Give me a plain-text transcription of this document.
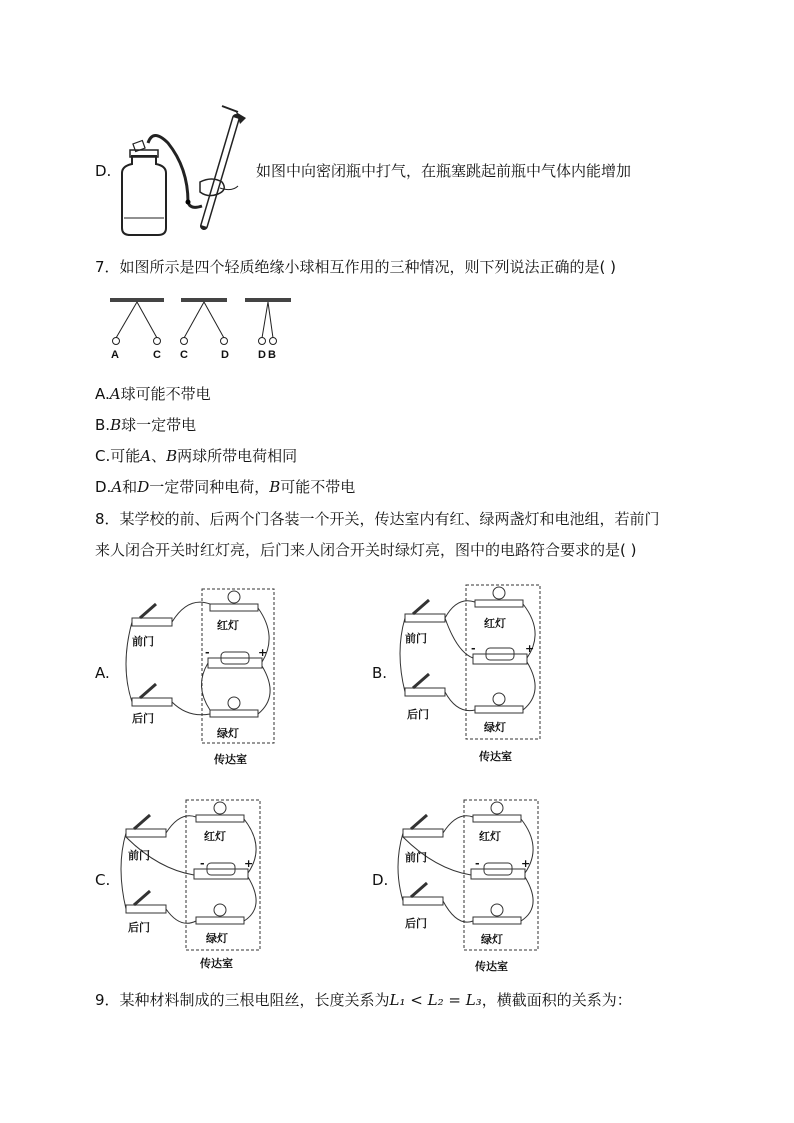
D.	如图中向密闭瓶中打气，在瓶塞跳起前瓶中气体内能增加
7．如图所示是四个轻质绝缘小球相互作用的三种情况，则下列说法正确的是( )
A	C C	D	D B
A.A球可能不带电
B.B球一定带电
C.可能A、B两球所带电荷相同
D.A和D一定带同种电荷，B可能不带电
8．某学校的前、后两个门各装一个开关，传达室内有红、绿两盏灯和电池组，若前门
来人闭合开关时红灯亮，后门来人闭合开关时绿灯亮，图中的电路符合要求的是( )
A.
红灯
前门
-	+
后门
绿灯
传达室
B.
红灯
前门
-	+
后门
绿灯
传达室
C.
红灯
前门
-	+
后门
绿灯
传达室
D.
红灯
前门	-	+
后门
绿灯
传达室
9．某种材料制成的三根电阻丝，长度关系为L₁ < L₂ = L₃，横截面积的关系为：
